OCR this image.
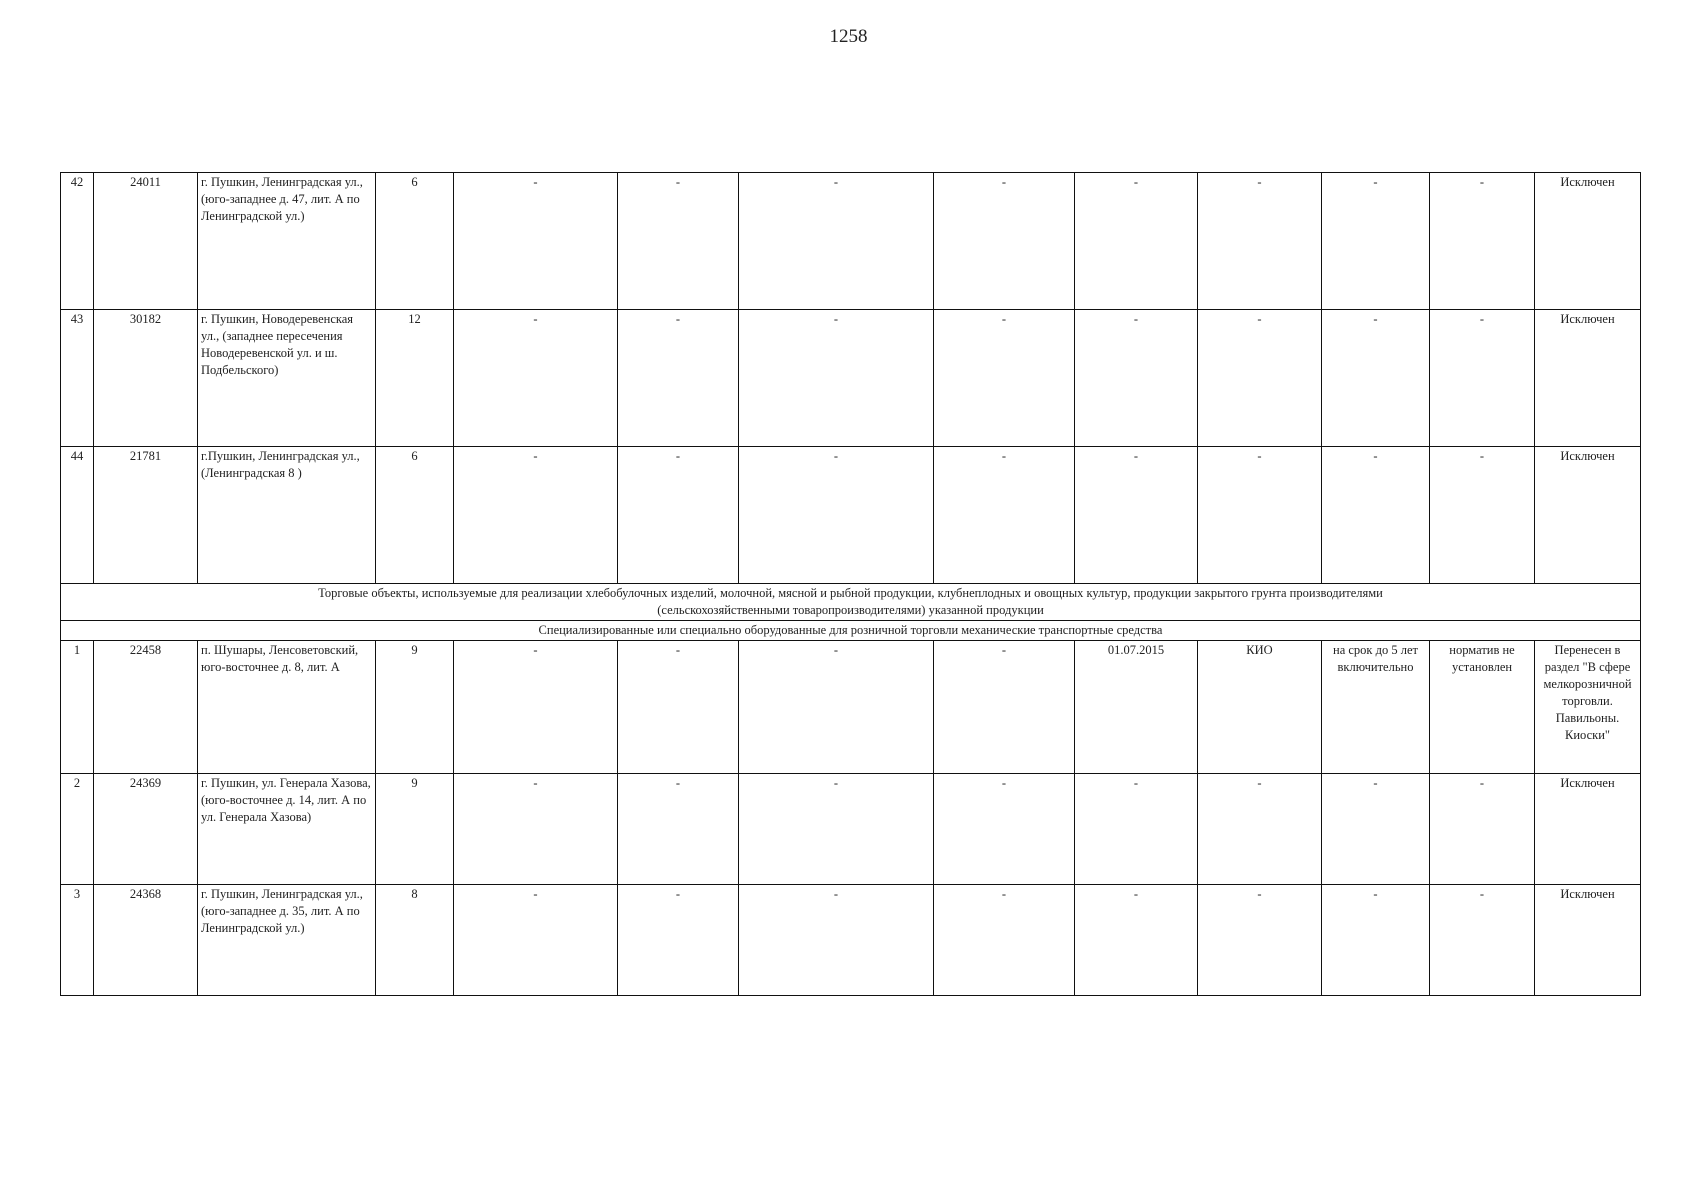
1258
42	24011	г. Пушкин, Ленинградская ул., (юго-западнее д. 47, лит. А по Ленинградской ул.)	6	-	-	-	-	-	-	-	-	Исключен
43	30182	г. Пушкин, Новодеревенская ул., (западнее пересечения Новодеревенской ул. и ш. Подбельского)	12	-	-	-	-	-	-	-	-	Исключен
44	21781	г.Пушкин, Ленинградская ул., (Ленинградская 8 )	6	-	-	-	-	-	-	-	-	Исключен
Торговые объекты, используемые для реализации хлебобулочных изделий, молочной, мясной и рыбной продукции, клубнеплодных и овощных культур, продукции закрытого грунта производителями (сельскохозяйственными товаропроизводителями) указанной продукции												
Специализированные или специально оборудованные для розничной торговли механические транспортные средства												
1	22458	п. Шушары, Ленсоветовский, юго-восточнее д. 8, лит. А	9	-	-	-	-	01.07.2015	КИО	на срок до 5 лет включительно	норматив не установлен	Перенесен в раздел "В сфере мелкорозничной торговли. Павильоны. Киоски"
2	24369	г. Пушкин, ул. Генерала Хазова, (юго-восточнее д. 14, лит. А по ул. Генерала Хазова)	9	-	-	-	-	-	-	-	-	Исключен
3	24368	г. Пушкин, Ленинградская ул., (юго-западнее д. 35, лит. А по Ленинградской ул.)	8	-	-	-	-	-	-	-	-	Исключен
